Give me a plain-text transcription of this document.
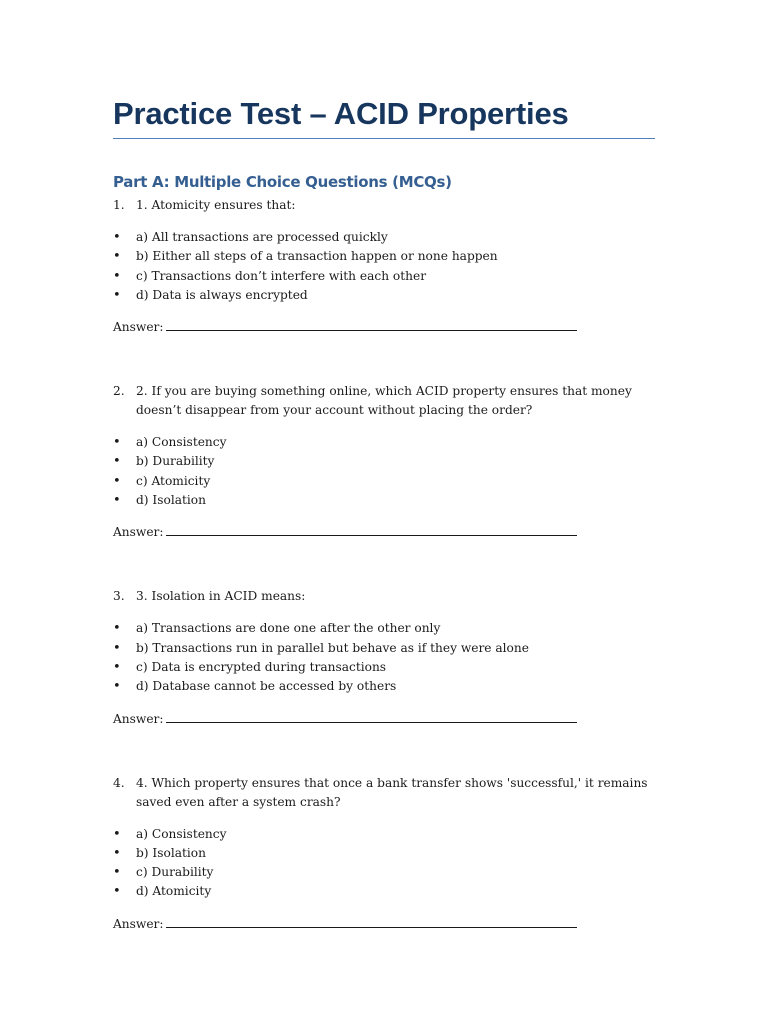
Practice Test – ACID Properties
Part A: Multiple Choice Questions (MCQs)

1. 1. Atomicity ensures that:

• a) All transactions are processed quickly
• b) Either all steps of a transaction happen or none happen
• c) Transactions don’t interfere with each other
• d) Data is always encrypted
Answer:

2. 2. If you are buying something online, which ACID property ensures that money doesn’t disappear from your account without placing the order?

• a) Consistency
• b) Durability
• c) Atomicity
• d) Isolation
Answer:

3. 3. Isolation in ACID means:

• a) Transactions are done one after the other only
• b) Transactions run in parallel but behave as if they were alone
• c) Data is encrypted during transactions
• d) Database cannot be accessed by others
Answer:

4. 4. Which property ensures that once a bank transfer shows 'successful,' it remains saved even after a system crash?

• a) Consistency
• b) Isolation
• c) Durability
• d) Atomicity
Answer:
